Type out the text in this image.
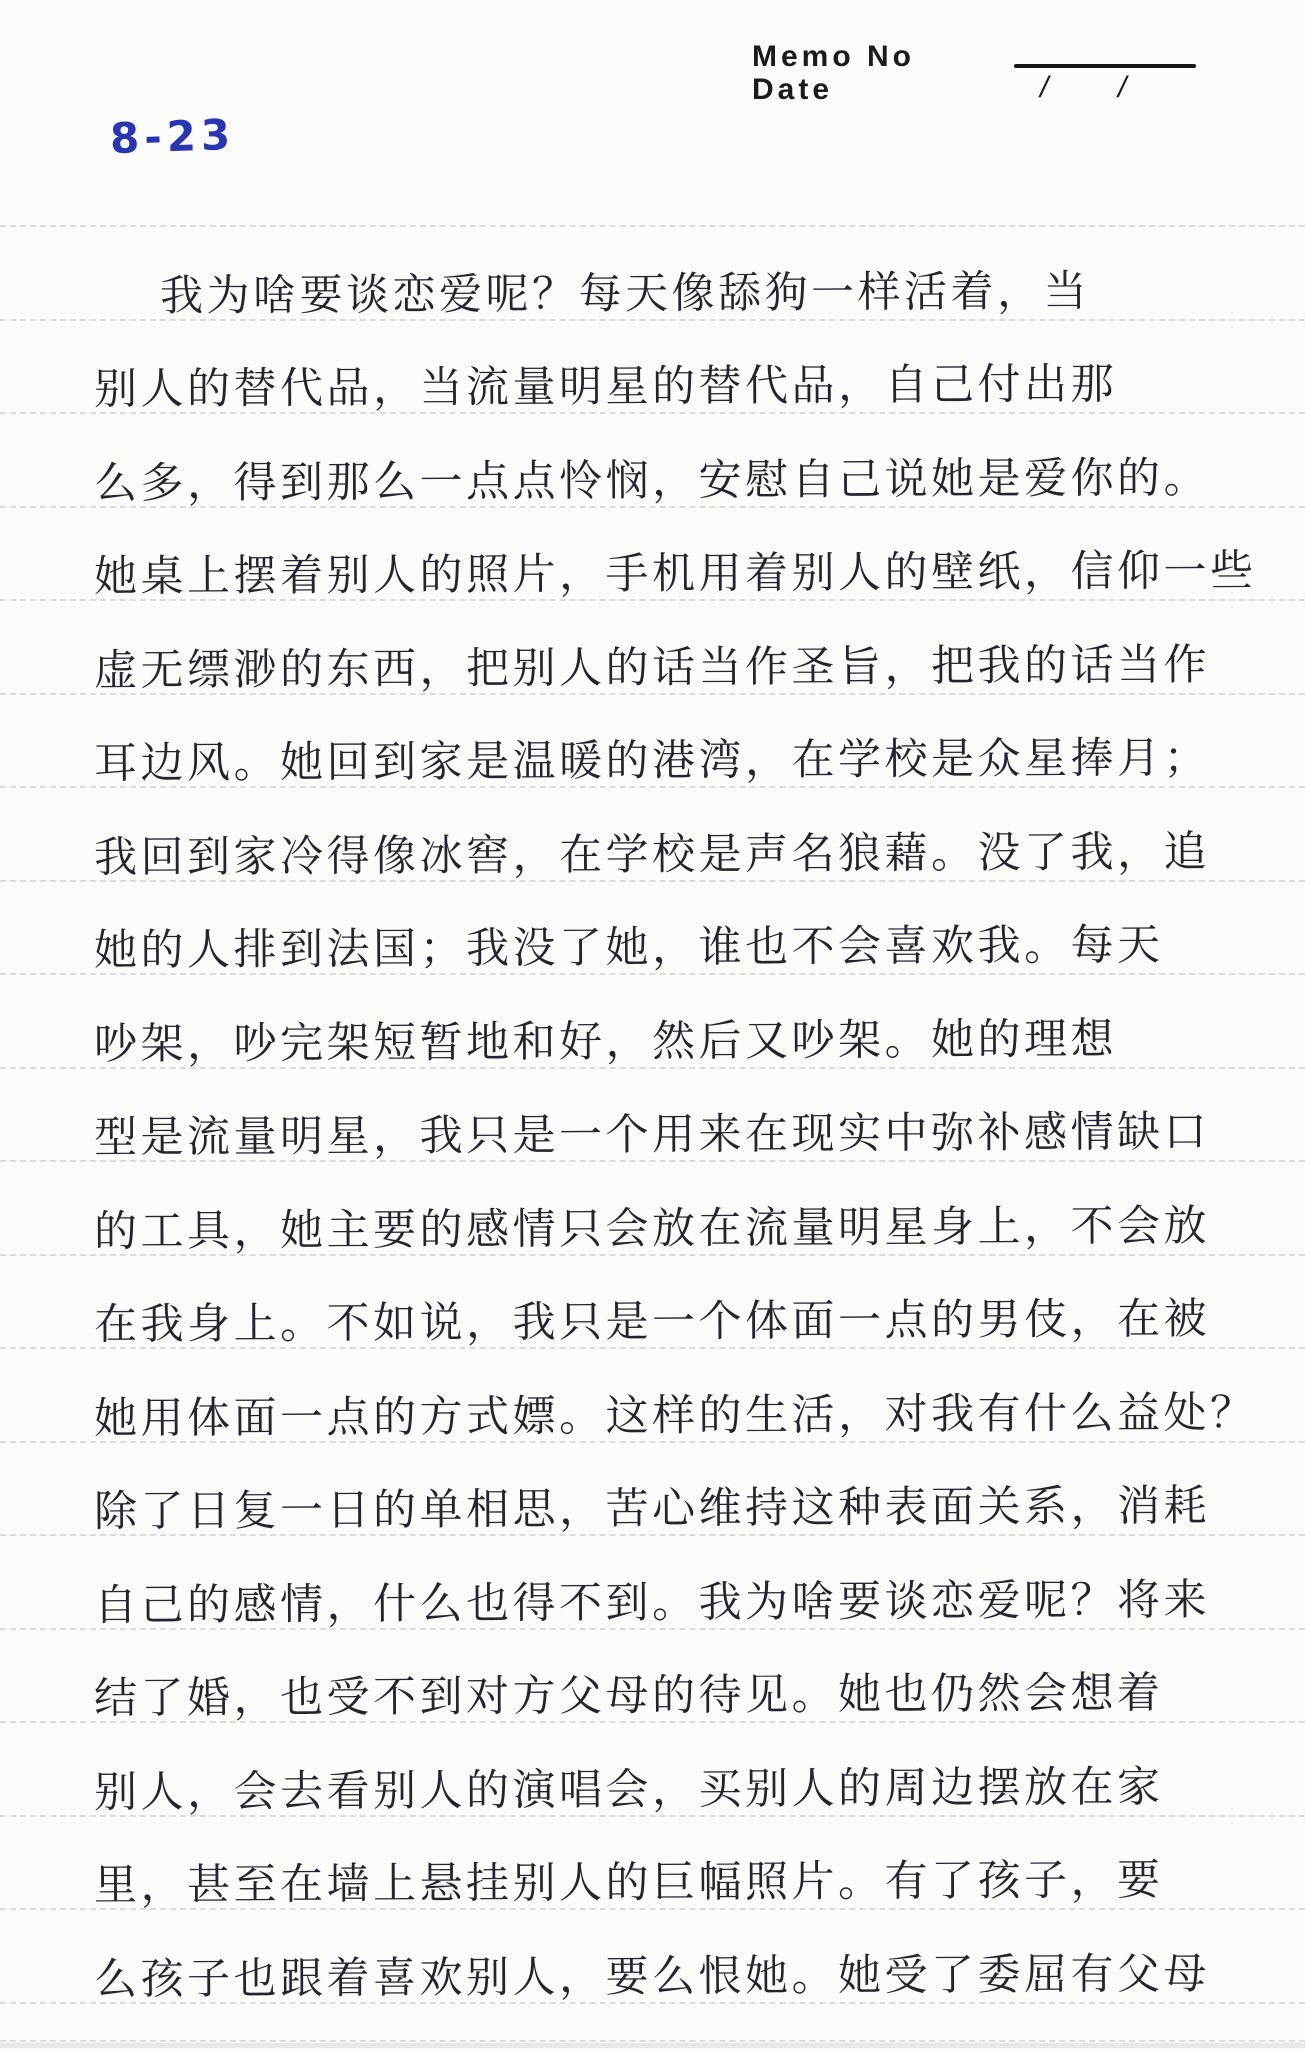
Memo No
Date	/ /
8-23
我为啥要谈恋爱呢？每天像舔狗一样活着，当
别人的替代品，当流量明星的替代品，自己付出那
么多，得到那么一点点怜悯，安慰自己说她是爱你的。
她桌上摆着别人的照片，手机用着别人的壁纸，信仰一些
虚无缥渺的东西，把别人的话当作圣旨，把我的话当作
耳边风。她回到家是温暖的港湾，在学校是众星捧月；
我回到家冷得像冰窖，在学校是声名狼藉。没了我，追
她的人排到法国；我没了她，谁也不会喜欢我。每天
吵架，吵完架短暂地和好，然后又吵架。她的理想
型是流量明星，我只是一个用来在现实中弥补感情缺口
的工具，她主要的感情只会放在流量明星身上，不会放
在我身上。不如说，我只是一个体面一点的男伎，在被
她用体面一点的方式嫖。这样的生活，对我有什么益处？
除了日复一日的单相思，苦心维持这种表面关系，消耗
自己的感情，什么也得不到。我为啥要谈恋爱呢？将来
结了婚，也受不到对方父母的待见。她也仍然会想着
别人，会去看别人的演唱会，买别人的周边摆放在家
里，甚至在墙上悬挂别人的巨幅照片。有了孩子，要
么孩子也跟着喜欢别人，要么恨她。她受了委屈有父母
